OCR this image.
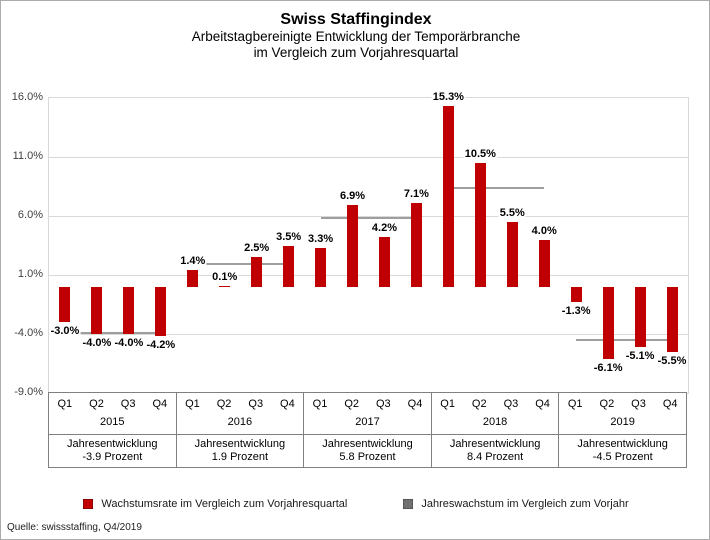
Swiss Staffingindex
Arbeitstagbereinigte Entwicklung der Temporärbranche
im Vergleich zum Vorjahresquartal
16.0%
11.0%
6.0%
1.0%
-4.0%
-9.0%
-3.0%
-4.0% -4.0% -4.2%
1.4%
0.1%
2.5%
3.5% 3.3%
6.9%
4.2%
7.1%
15.3%
10.5%
5.5%
4.0%
-1.3%
-6.1%
-5.1% -5.5%
Q1	Q2	Q3	Q4
2015
Jahresentwicklung
-3.9 Prozent
Q1	Q2	Q3	Q4
2016
Jahresentwicklung
1.9 Prozent
Q1	Q2	Q3	Q4
2017
Jahresentwicklung
5.8 Prozent
Q1	Q2	Q3	Q4
2018
Jahresentwicklung
8.4 Prozent
Q1	Q2	Q3	Q4
2019
Jahresentwicklung
-4.5 Prozent
Wachstumsrate im Vergleich zum Vorjahresquartal	Jahreswachstum im Vergleich zum Vorjahr
Quelle: swissstaffing, Q4/2019
